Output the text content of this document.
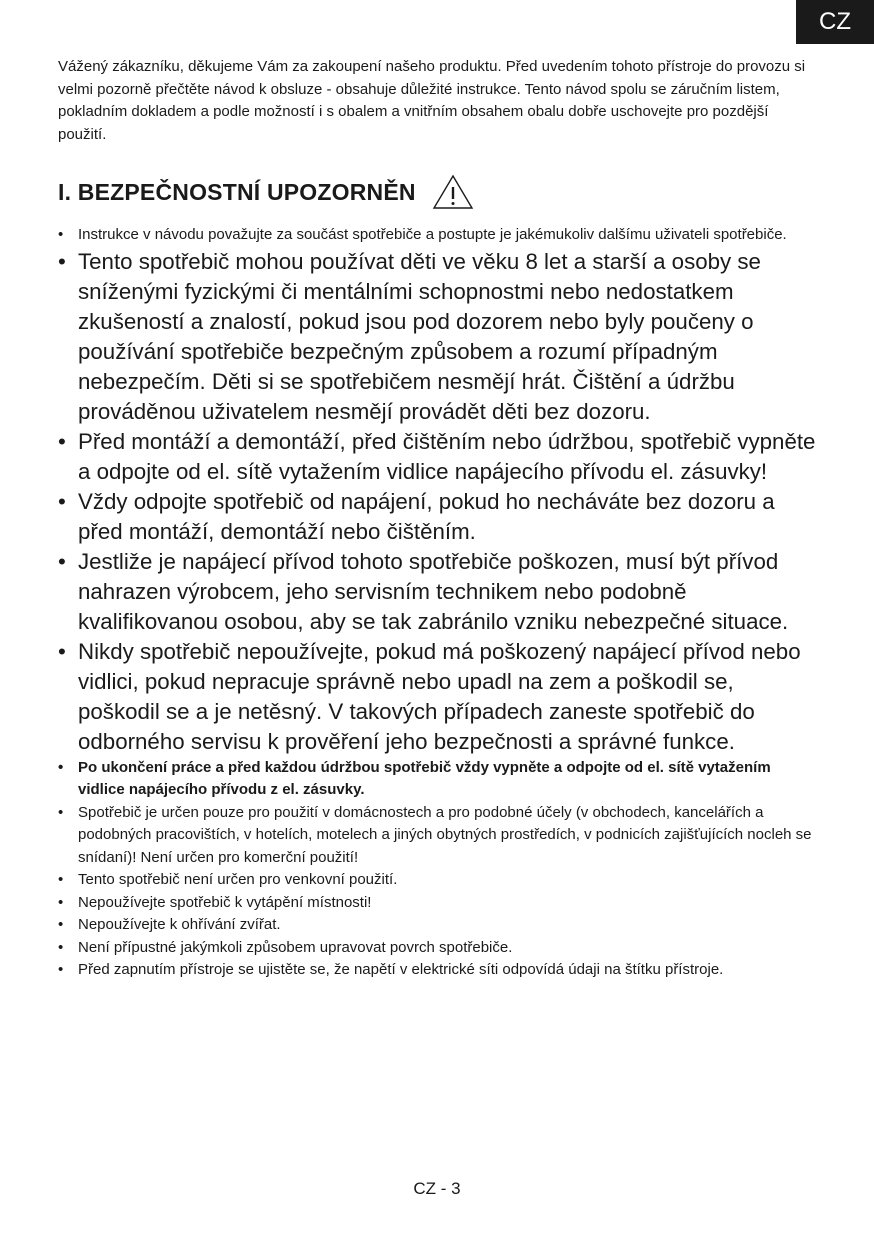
CZ

Vážený zákazníku, děkujeme Vám za zakoupení našeho produktu. Před uvedením tohoto přístroje do provozu si velmi pozorně přečtěte návod k obsluze - obsahuje důležité instrukce. Tento návod spolu se záručním listem, pokladním dokladem a podle možností i s obalem a vnitřním obsahem obalu dobře uschovejte pro pozdější použití.

I. BEZPEČNOSTNÍ UPOZORNĚN
• Instrukce v návodu považujte za součást spotřebiče a postupte je jakémukoliv dalšímu uživateli spotřebiče.
• Tento spotřebič mohou používat děti ve věku 8 let a starší a osoby se sníženými fyzickými či mentálními schopnostmi nebo nedostatkem zkušeností a znalostí, pokud jsou pod dozorem nebo byly poučeny o používání spotřebiče bezpečným způsobem a rozumí případným nebezpečím. Děti si se spotřebičem nesmějí hrát. Čištění a údržbu prováděnou uživatelem nesmějí provádět děti bez dozoru.
• Před montáží a demontáží, před čištěním nebo údržbou, spotřebič vypněte a odpojte od el. sítě vytažením vidlice napájecího přívodu el. zásuvky!
• Vždy odpojte spotřebič od napájení, pokud ho necháváte bez dozoru a před montáží, demontáží nebo čištěním.
• Jestliže je napájecí přívod tohoto spotřebiče poškozen, musí být přívod nahrazen výrobcem, jeho servisním technikem nebo podobně kvalifikovanou osobou, aby se tak zabránilo vzniku nebezpečné situace.
• Nikdy spotřebič nepoužívejte, pokud má poškozený napájecí přívod nebo vidlici, pokud nepracuje správně nebo upadl na zem a poškodil se, poškodil se a je netěsný. V takových případech zaneste spotřebič do odborného servisu k prověření jeho bezpečnosti a správné funkce.
• Po ukončení práce a před každou údržbou spotřebič vždy vypněte a odpojte od el. sítě vytažením vidlice napájecího přívodu z el. zásuvky.
• Spotřebič je určen pouze pro použití v domácnostech a pro podobné účely (v obchodech, kancelářích a podobných pracovištích, v hotelích, motelech a jiných obytných prostředích, v podnicích zajišťujících nocleh se snídaní)! Není určen pro komerční použití!
• Tento spotřebič není určen pro venkovní použití.
• Nepoužívejte spotřebič k vytápění místnosti!
• Nepoužívejte k ohřívání zvířat.
• Není přípustné jakýmkoli způsobem upravovat povrch spotřebiče.
• Před zapnutím přístroje se ujistěte se, že napětí v elektrické síti odpovídá údaji na štítku přístroje.
CZ - 3
